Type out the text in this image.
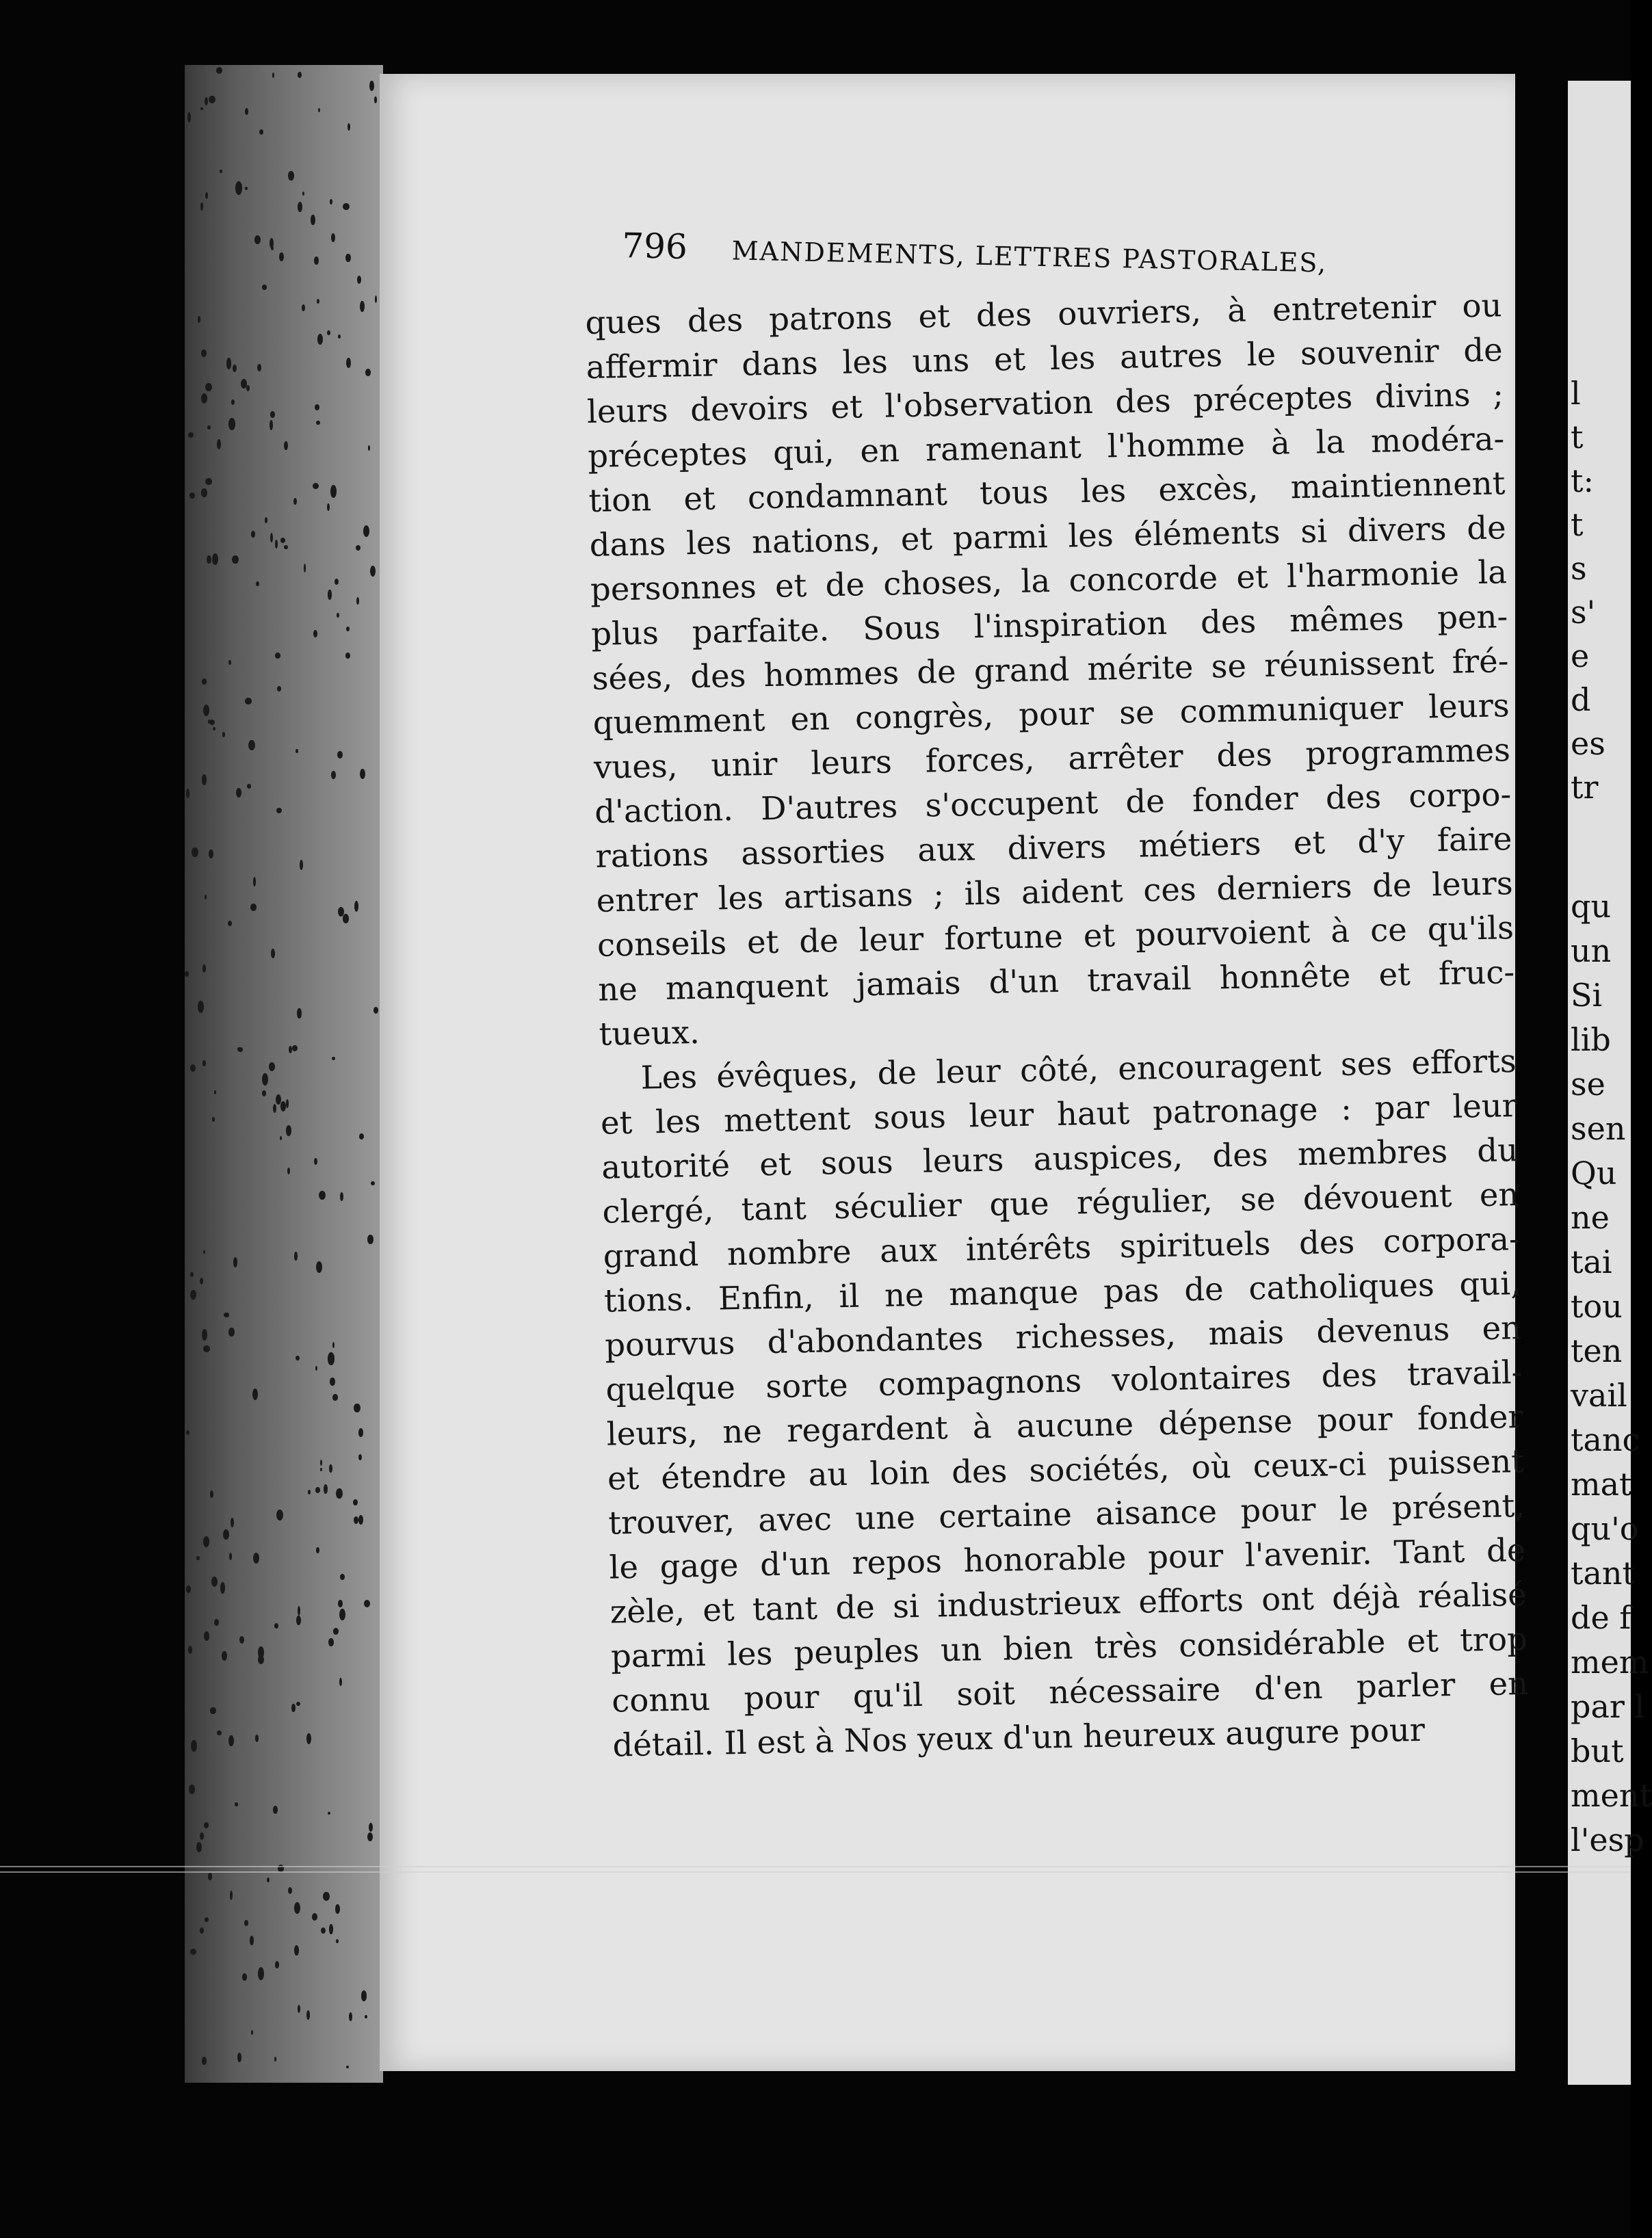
796 MANDEMENTS, LETTRES PASTORALES,

ques des patrons et des ouvriers, à entretenir ou
affermir dans les uns et les autres le souvenir de
leurs devoirs et l'observation des préceptes divins ;
préceptes qui, en ramenant l'homme à la modéra-
tion et condamnant tous les excès, maintiennent
dans les nations, et parmi les éléments si divers de
personnes et de choses, la concorde et l'harmonie la
plus parfaite. Sous l'inspiration des mêmes pen-
sées, des hommes de grand mérite se réunissent fré-
quemment en congrès, pour se communiquer leurs
vues, unir leurs forces, arrêter des programmes
d'action. D'autres s'occupent de fonder des corpo-
rations assorties aux divers métiers et d'y faire
entrer les artisans ; ils aident ces derniers de leurs
conseils et de leur fortune et pourvoient à ce qu'ils
ne manquent jamais d'un travail honnête et fruc-
tueux.

Les évêques, de leur côté, encouragent ses efforts
et les mettent sous leur haut patronage : par leur
autorité et sous leurs auspices, des membres du
clergé, tant séculier que régulier, se dévouent en
grand nombre aux intérêts spirituels des corpora-
tions. Enfin, il ne manque pas de catholiques qui,
pourvus d'abondantes richesses, mais devenus en
quelque sorte compagnons volontaires des travail-
leurs, ne regardent à aucune dépense pour fonder
et étendre au loin des sociétés, où ceux-ci puissent
trouver, avec une certaine aisance pour le présent,
le gage d'un repos honorable pour l'avenir. Tant de
zèle, et tant de si industrieux efforts ont déjà réalisé
parmi les peuples un bien très considérable et trop
connu pour qu'il soit nécessaire d'en parler en
détail. Il est à Nos yeux d'un heureux augure pour

l
t
t:
t
s
s'
e
d
es
tr
qu
un
Si
lib
se
sen
Qu
ne
tai
tou
ten
vail
tanc
mat
qu'o
tant
de f
mem
par l
but
ment
l'esp
